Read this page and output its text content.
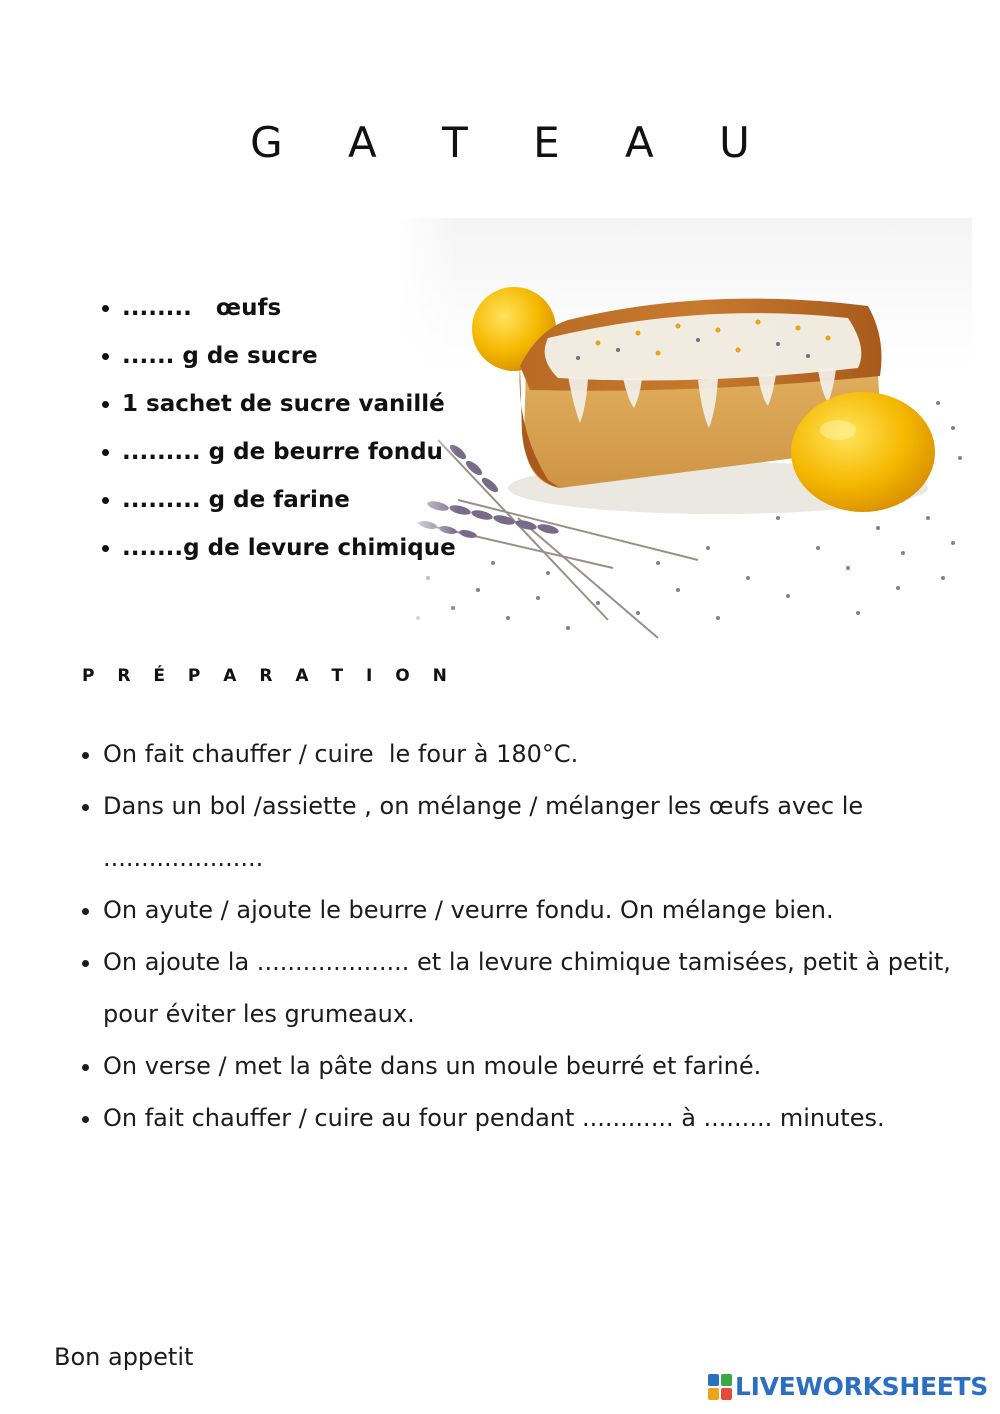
G A T E A U
• ........   œufs
• ...... g de sucre
• 1 sachet de sucre vanillé
• ......... g de beurre fondu
• ......... g de farine
• .......g de levure chimique
P R É P A R A T I O N
• On fait chauffer / cuire  le four à 180°C.
• Dans un bol /assiette , on mélange / mélanger les œufs avec le .....................
• On ayute / ajoute le beurre / veurre fondu. On mélange bien.
• On ajoute la .................... et la levure chimique tamisées, petit à petit, pour éviter les grumeaux.
• On verse / met la pâte dans un moule beurré et fariné.
• On fait chauffer / cuire au four pendant ............ à ......... minutes.

Bon appetit

LIVEWORKSHEETS
